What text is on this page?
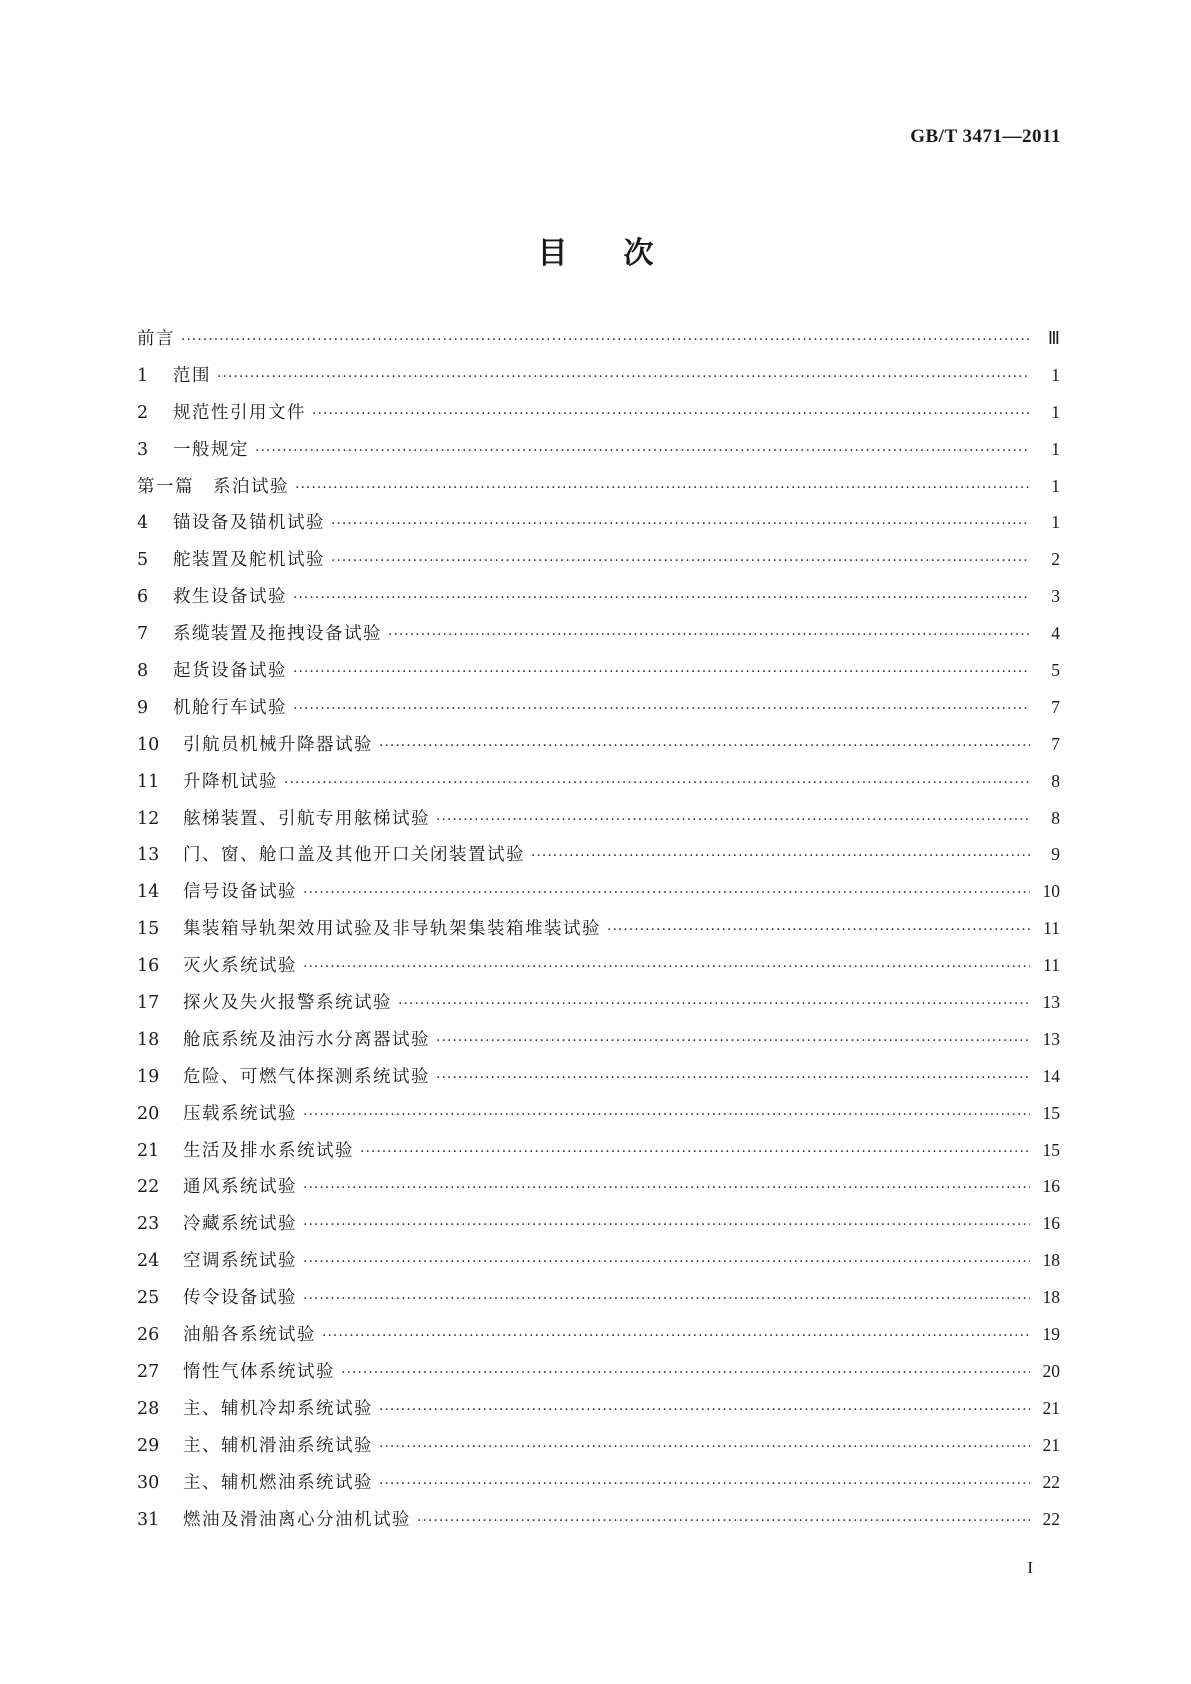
GB/T 3471—2011
目次
前言 ·····	Ⅲ
1	范围 ·····	1
2	规范性引用文件 ·····	1
3	一般规定 ·····	1
第一篇　系泊试验 ·····	1
4	锚设备及锚机试验 ·····	1
5	舵装置及舵机试验 ·····	2
6	救生设备试验 ·····	3
7	系缆装置及拖拽设备试验 ·····	4
8	起货设备试验 ·····	5
9	机舱行车试验 ·····	7
10	引航员机械升降器试验 ·····	7
11	升降机试验 ·····	8
12	舷梯装置、引航专用舷梯试验 ·····	8
13	门、窗、舱口盖及其他开口关闭装置试验 ·····	9
14	信号设备试验 ·····	10
15	集装箱导轨架效用试验及非导轨架集装箱堆装试验 ·····	11
16	灭火系统试验 ·····	11
17	探火及失火报警系统试验 ·····	13
18	舱底系统及油污水分离器试验 ·····	13
19	危险、可燃气体探测系统试验 ·····	14
20	压载系统试验 ·····	15
21	生活及排水系统试验 ·····	15
22	通风系统试验 ·····	16
23	冷藏系统试验 ·····	16
24	空调系统试验 ·····	18
25	传令设备试验 ·····	18
26	油船各系统试验 ·····	19
27	惰性气体系统试验 ·····	20
28	主、辅机冷却系统试验 ·····	21
29	主、辅机滑油系统试验 ·····	21
30	主、辅机燃油系统试验 ·····	22
31	燃油及滑油离心分油机试验 ·····	22
I
